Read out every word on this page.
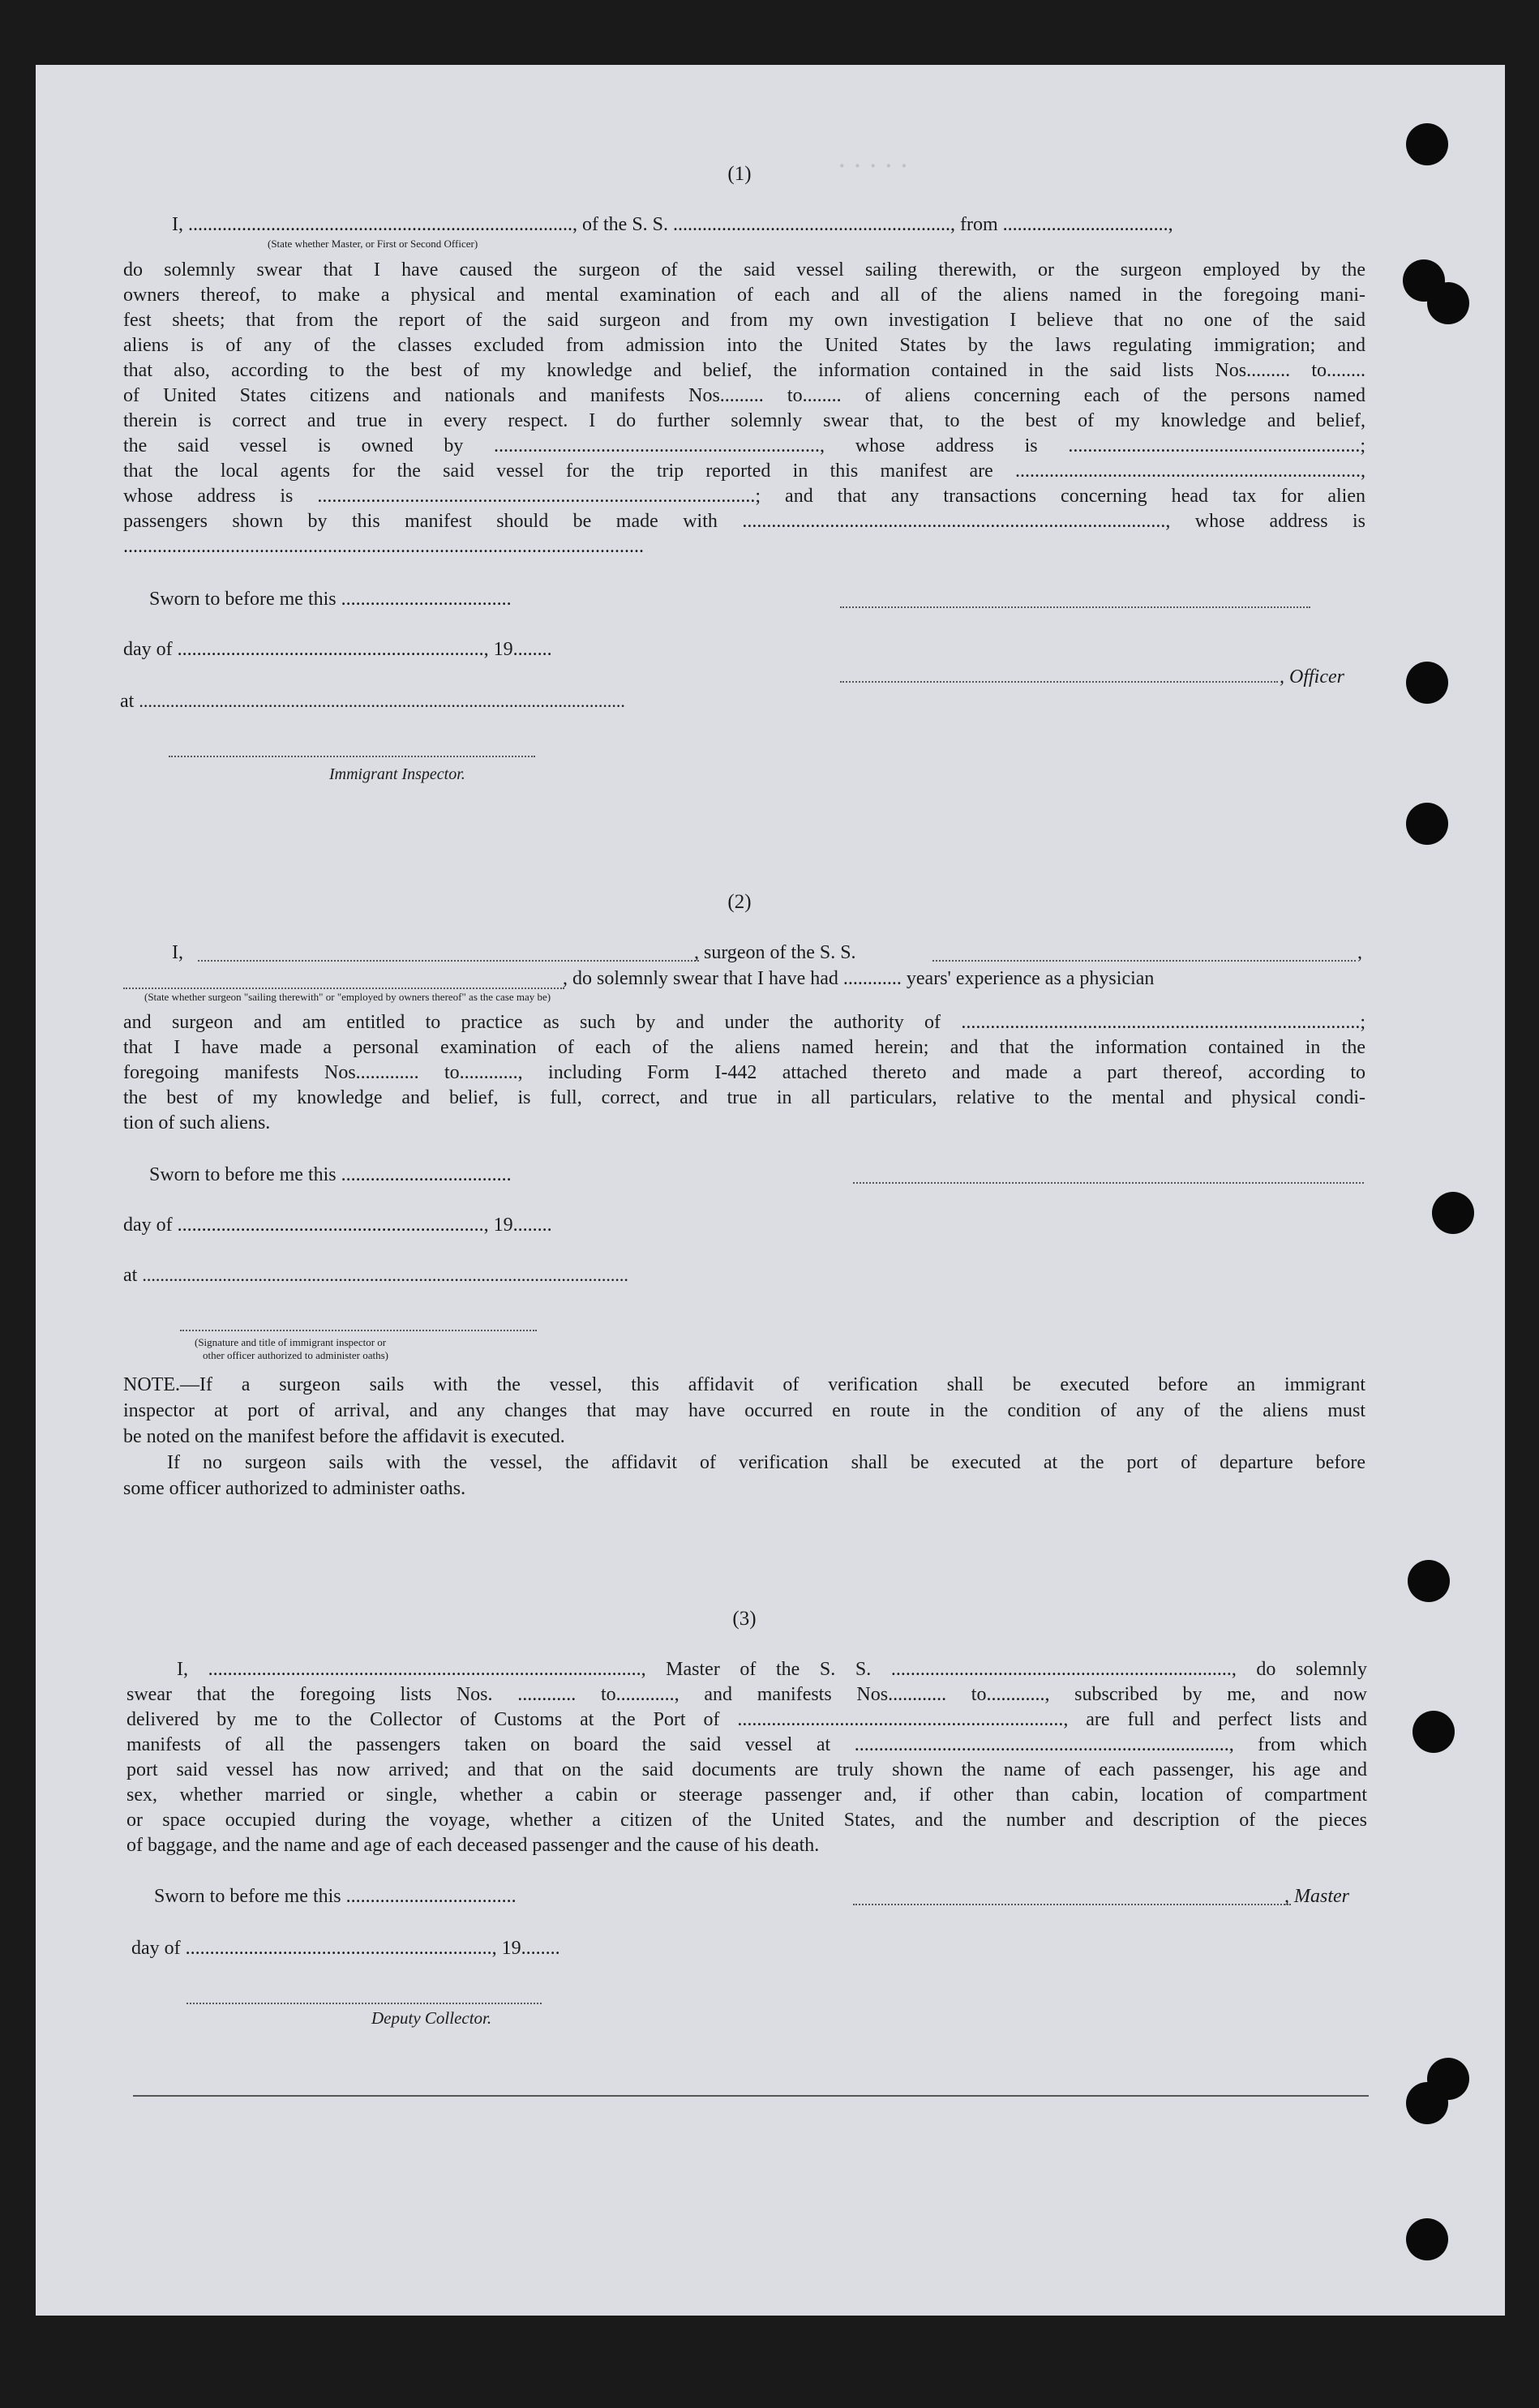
· · · · ·
(1)
I, ..............................................................................., of the S. S. ........................................................., from ..................................,
(State whether Master, or First or Second Officer)
do solemnly swear that I have caused the surgeon of the said vessel sailing therewith, or the surgeon employed by the
owners thereof, to make a physical and mental examination of each and all of the aliens named in the foregoing mani-
fest sheets; that from the report of the said surgeon and from my own investigation I believe that no one of the said
aliens is of any of the classes excluded from admission into the United States by the laws regulating immigration; and
that also, according to the best of my knowledge and belief, the information contained in the said lists Nos......... to........
of United States citizens and nationals and manifests Nos......... to........ of aliens concerning each of the persons named
therein is correct and true in every respect. I do further solemnly swear that, to the best of my knowledge and belief,
the said vessel is owned by ..................................................................., whose address is ............................................................;
that the local agents for the said vessel for the trip reported in this manifest are .......................................................................,
whose address is ..........................................................................................; and that any transactions concerning head tax for alien
passengers shown by this manifest should be made with ......................................................................................., whose address is
...........................................................................................................
Sworn to before me this ...................................
day of ..............................................................., 19........
, Officer
at .............................................................................................................
Immigrant Inspector.
(2)
I,	, surgeon of the S. S.	,
, do solemnly swear that I have had ............ years' experience as a physician
(State whether surgeon "sailing therewith" or "employed by owners thereof" as the case may be)
and surgeon and am entitled to practice as such by and under the authority of ..................................................................................;
that I have made a personal examination of each of the aliens named herein; and that the information contained in the
foregoing manifests Nos............. to............, including Form I-442 attached thereto and made a part thereof, according to
the best of my knowledge and belief, is full, correct, and true in all particulars, relative to the mental and physical condi-
tion of such aliens.
Sworn to before me this ...................................
day of ..............................................................., 19........
at .............................................................................................................
(Signature and title of immigrant inspector or
other officer authorized to administer oaths)
NOTE.—If a surgeon sails with the vessel, this affidavit of verification shall be executed before an immigrant
inspector at port of arrival, and any changes that may have occurred en route in the condition of any of the aliens must
be noted on the manifest before the affidavit is executed.
If no surgeon sails with the vessel, the affidavit of verification shall be executed at the port of departure before
some officer authorized to administer oaths.
(3)
I, ........................................................................................., Master of the S. S. ......................................................................, do solemnly
swear that the foregoing lists Nos. ............ to............, and manifests Nos............ to............, subscribed by me, and now
delivered by me to the Collector of Customs at the Port of ..................................................................., are full and perfect lists and
manifests of all the passengers taken on board the said vessel at ............................................................................., from which
port said vessel has now arrived; and that on the said documents are truly shown the name of each passenger, his age and
sex, whether married or single, whether a cabin or steerage passenger and, if other than cabin, location of compartment
or space occupied during the voyage, whether a citizen of the United States, and the number and description of the pieces
of baggage, and the name and age of each deceased passenger and the cause of his death.
Sworn to before me this ...................................	, Master
day of ..............................................................., 19........
Deputy Collector.
